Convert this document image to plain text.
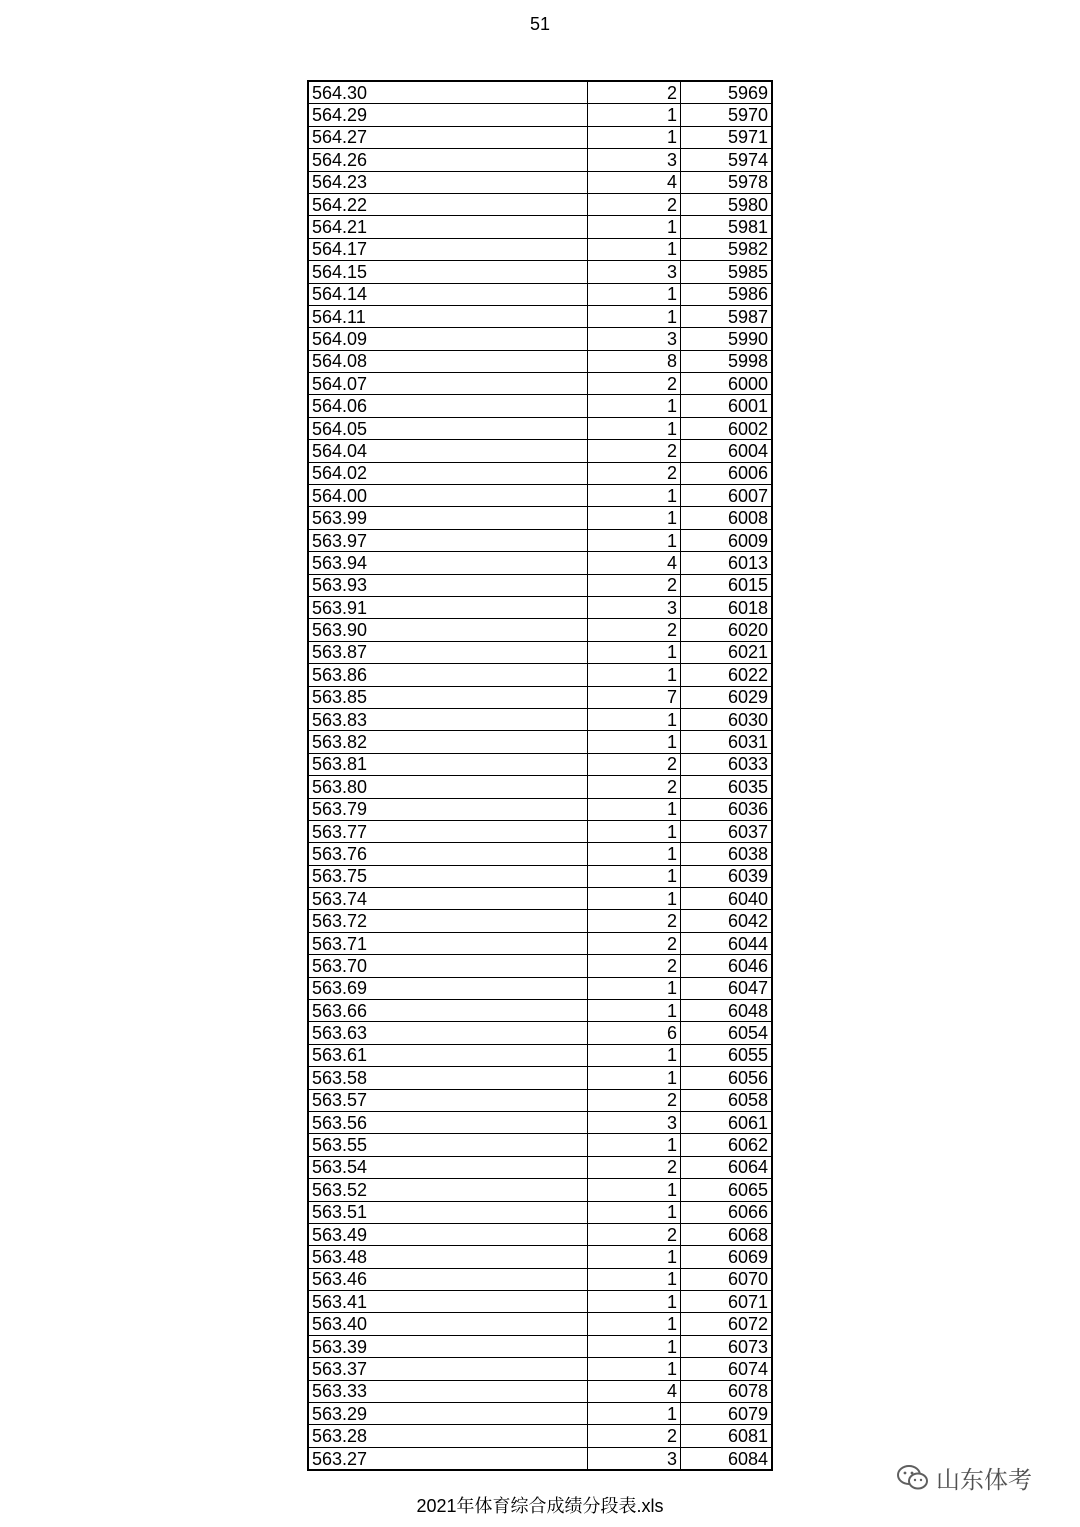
51
564.30	2	5969
564.29	1	5970
564.27	1	5971
564.26	3	5974
564.23	4	5978
564.22	2	5980
564.21	1	5981
564.17	1	5982
564.15	3	5985
564.14	1	5986
564.11	1	5987
564.09	3	5990
564.08	8	5998
564.07	2	6000
564.06	1	6001
564.05	1	6002
564.04	2	6004
564.02	2	6006
564.00	1	6007
563.99	1	6008
563.97	1	6009
563.94	4	6013
563.93	2	6015
563.91	3	6018
563.90	2	6020
563.87	1	6021
563.86	1	6022
563.85	7	6029
563.83	1	6030
563.82	1	6031
563.81	2	6033
563.80	2	6035
563.79	1	6036
563.77	1	6037
563.76	1	6038
563.75	1	6039
563.74	1	6040
563.72	2	6042
563.71	2	6044
563.70	2	6046
563.69	1	6047
563.66	1	6048
563.63	6	6054
563.61	1	6055
563.58	1	6056
563.57	2	6058
563.56	3	6061
563.55	1	6062
563.54	2	6064
563.52	1	6065
563.51	1	6066
563.49	2	6068
563.48	1	6069
563.46	1	6070
563.41	1	6071
563.40	1	6072
563.39	1	6073
563.37	1	6074
563.33	4	6078
563.29	1	6079
563.28	2	6081
563.27	3	6084
2021年体育综合成绩分段表.xls
山东体考
